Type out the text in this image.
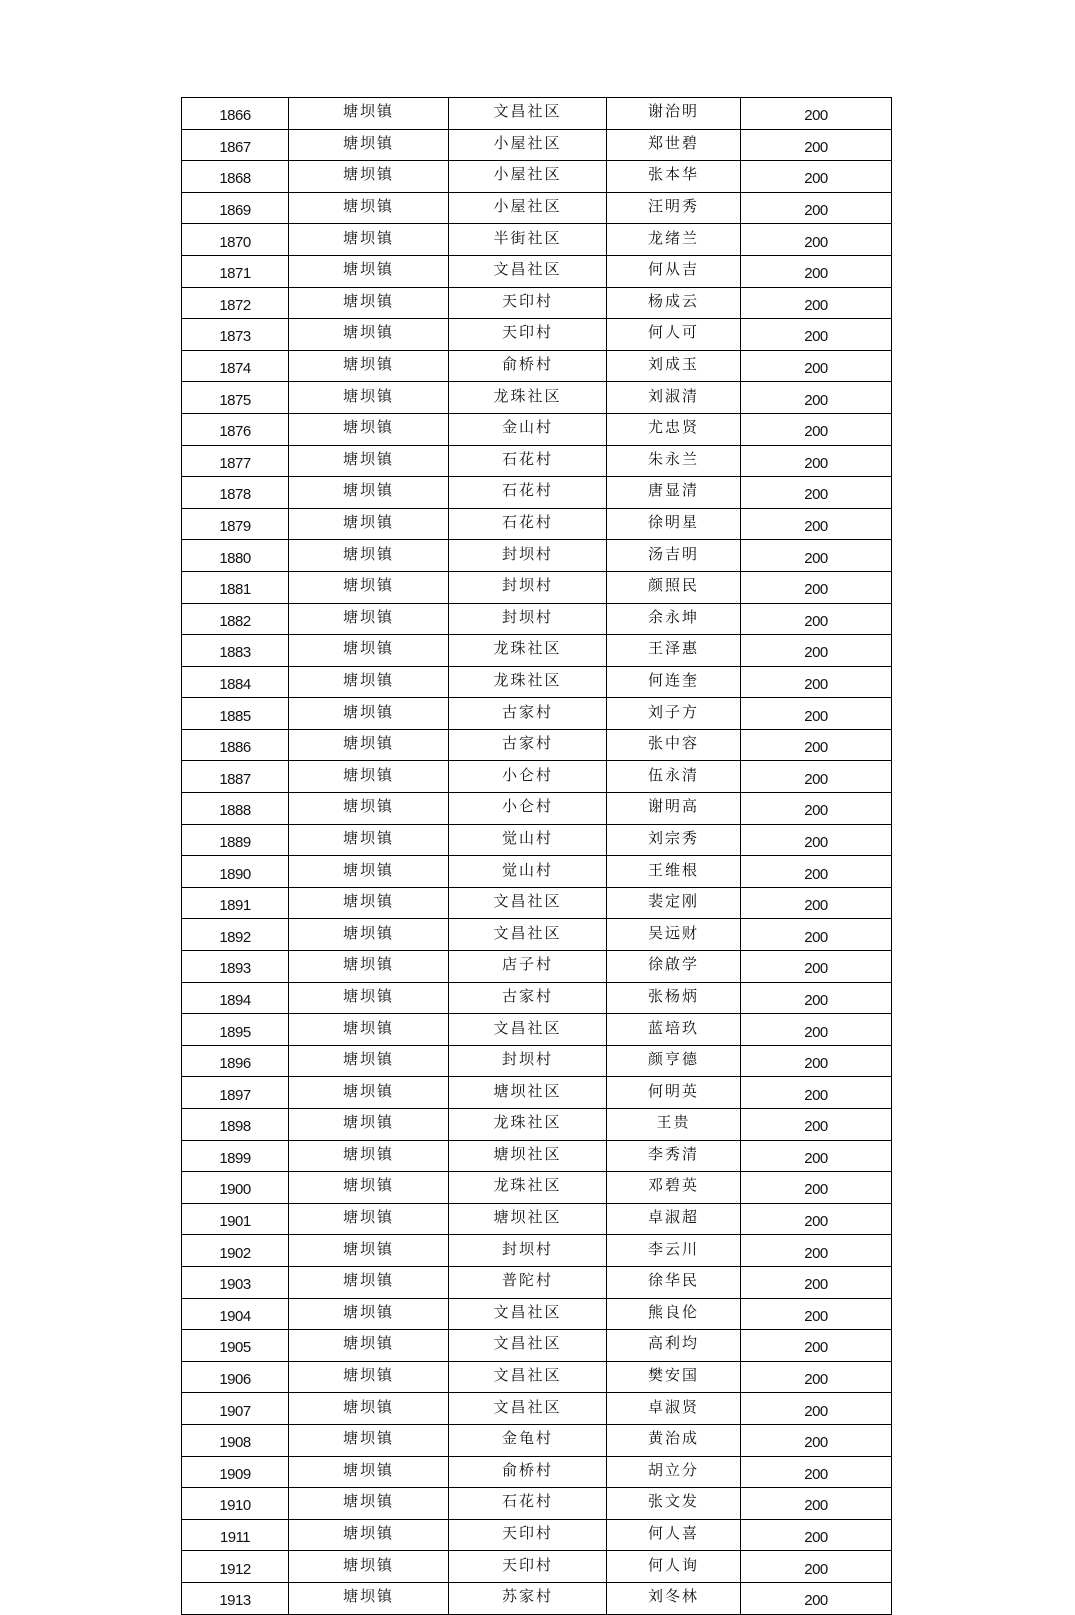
1866	塘坝镇	文昌社区	谢治明	200
1867	塘坝镇	小屋社区	郑世碧	200
1868	塘坝镇	小屋社区	张本华	200
1869	塘坝镇	小屋社区	汪明秀	200
1870	塘坝镇	半街社区	龙绪兰	200
1871	塘坝镇	文昌社区	何从吉	200
1872	塘坝镇	天印村	杨成云	200
1873	塘坝镇	天印村	何人可	200
1874	塘坝镇	俞桥村	刘成玉	200
1875	塘坝镇	龙珠社区	刘淑清	200
1876	塘坝镇	金山村	尤忠贤	200
1877	塘坝镇	石花村	朱永兰	200
1878	塘坝镇	石花村	唐显清	200
1879	塘坝镇	石花村	徐明星	200
1880	塘坝镇	封坝村	汤吉明	200
1881	塘坝镇	封坝村	颜照民	200
1882	塘坝镇	封坝村	余永坤	200
1883	塘坝镇	龙珠社区	王泽惠	200
1884	塘坝镇	龙珠社区	何连奎	200
1885	塘坝镇	古家村	刘子方	200
1886	塘坝镇	古家村	张中容	200
1887	塘坝镇	小仑村	伍永清	200
1888	塘坝镇	小仑村	谢明高	200
1889	塘坝镇	觉山村	刘宗秀	200
1890	塘坝镇	觉山村	王维根	200
1891	塘坝镇	文昌社区	裴定刚	200
1892	塘坝镇	文昌社区	吴远财	200
1893	塘坝镇	店子村	徐啟学	200
1894	塘坝镇	古家村	张杨炳	200
1895	塘坝镇	文昌社区	蓝培玖	200
1896	塘坝镇	封坝村	颜亨德	200
1897	塘坝镇	塘坝社区	何明英	200
1898	塘坝镇	龙珠社区	王贵	200
1899	塘坝镇	塘坝社区	李秀清	200
1900	塘坝镇	龙珠社区	邓碧英	200
1901	塘坝镇	塘坝社区	卓淑超	200
1902	塘坝镇	封坝村	李云川	200
1903	塘坝镇	普陀村	徐华民	200
1904	塘坝镇	文昌社区	熊良伦	200
1905	塘坝镇	文昌社区	高利均	200
1906	塘坝镇	文昌社区	樊安国	200
1907	塘坝镇	文昌社区	卓淑贤	200
1908	塘坝镇	金龟村	黄治成	200
1909	塘坝镇	俞桥村	胡立分	200
1910	塘坝镇	石花村	张文发	200
1911	塘坝镇	天印村	何人喜	200
1912	塘坝镇	天印村	何人询	200
1913	塘坝镇	苏家村	刘冬林	200
